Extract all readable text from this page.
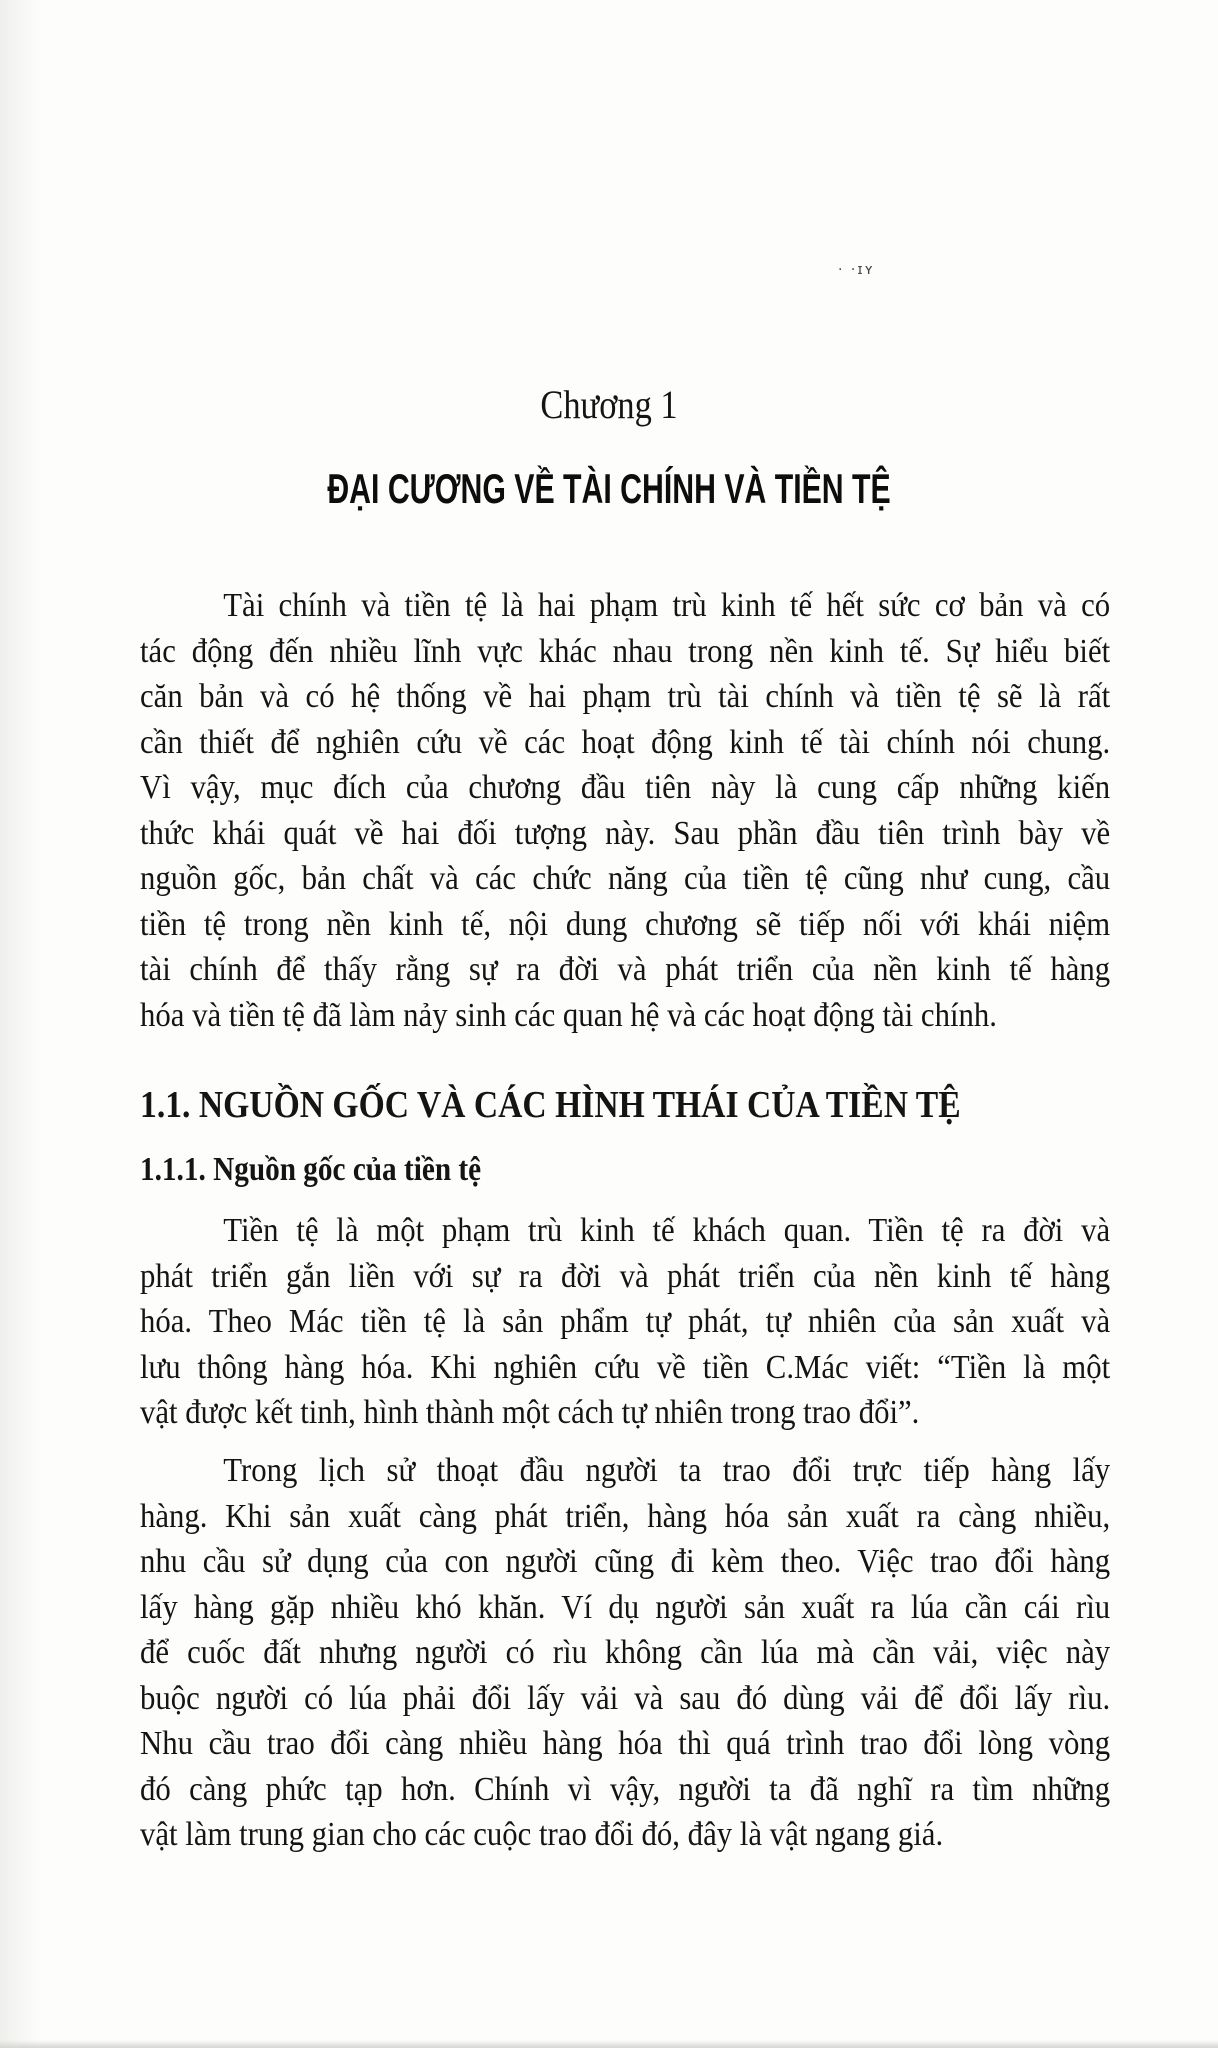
· ·ɪʏ
Chương 1
ĐẠI CƯƠNG VỀ TÀI CHÍNH VÀ TIỀN TỆ
Tài chính và tiền tệ là hai phạm trù kinh tế hết sức cơ bản và có
tác động đến nhiều lĩnh vực khác nhau trong nền kinh tế. Sự hiểu biết
căn bản và có hệ thống về hai phạm trù tài chính và tiền tệ sẽ là rất
cần thiết để nghiên cứu về các hoạt động kinh tế tài chính nói chung.
Vì vậy, mục đích của chương đầu tiên này là cung cấp những kiến
thức khái quát về hai đối tượng này. Sau phần đầu tiên trình bày về
nguồn gốc, bản chất và các chức năng của tiền tệ cũng như cung, cầu
tiền tệ trong nền kinh tế, nội dung chương sẽ tiếp nối với khái niệm
tài chính để thấy rằng sự ra đời và phát triển của nền kinh tế hàng
hóa và tiền tệ đã làm nảy sinh các quan hệ và các hoạt động tài chính.
1.1. NGUỒN GỐC VÀ CÁC HÌNH THÁI CỦA TIỀN TỆ
1.1.1. Nguồn gốc của tiền tệ
Tiền tệ là một phạm trù kinh tế khách quan. Tiền tệ ra đời và
phát triển gắn liền với sự ra đời và phát triển của nền kinh tế hàng
hóa. Theo Mác tiền tệ là sản phẩm tự phát, tự nhiên của sản xuất và
lưu thông hàng hóa. Khi nghiên cứu về tiền C.Mác viết: “Tiền là một
vật được kết tinh, hình thành một cách tự nhiên trong trao đổi”.
Trong lịch sử thoạt đầu người ta trao đổi trực tiếp hàng lấy
hàng. Khi sản xuất càng phát triển, hàng hóa sản xuất ra càng nhiều,
nhu cầu sử dụng của con người cũng đi kèm theo. Việc trao đổi hàng
lấy hàng gặp nhiều khó khăn. Ví dụ người sản xuất ra lúa cần cái rìu
để cuốc đất nhưng người có rìu không cần lúa mà cần vải, việc này
buộc người có lúa phải đổi lấy vải và sau đó dùng vải để đổi lấy rìu.
Nhu cầu trao đổi càng nhiều hàng hóa thì quá trình trao đổi lòng vòng
đó càng phức tạp hơn. Chính vì vậy, người ta đã nghĩ ra tìm những
vật làm trung gian cho các cuộc trao đổi đó, đây là vật ngang giá.
